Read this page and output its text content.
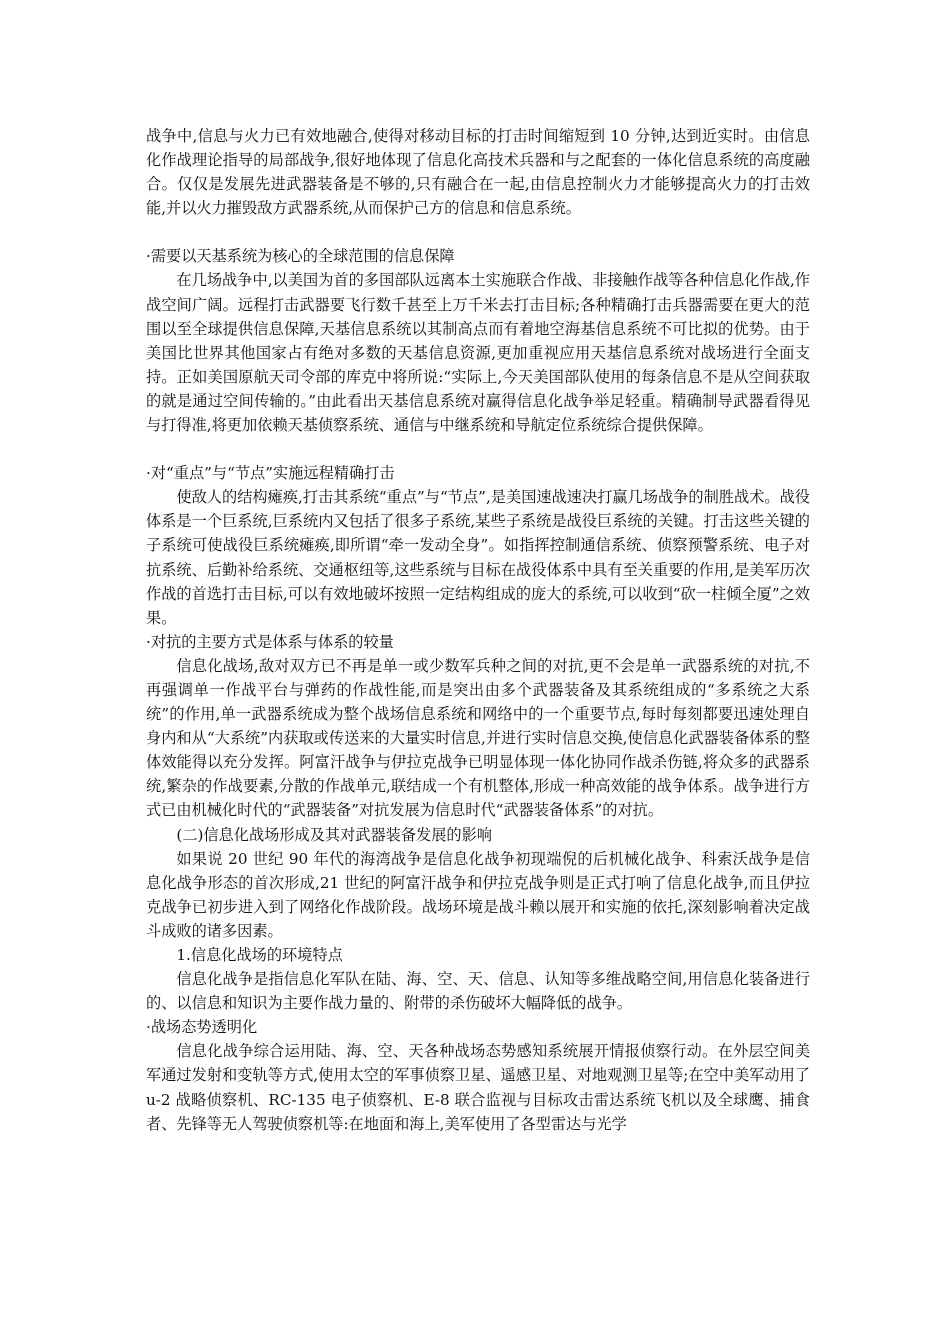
战争中,信息与火力已有效地融合,使得对移动目标的打击时间缩短到 10 分钟,达到近实时。由信息化作战理论指导的局部战争,很好地体现了信息化高技术兵器和与之配套的一体化信息系统的高度融合。仅仅是发展先进武器装备是不够的,只有融合在一起,由信息控制火力才能够提高火力的打击效能,并以火力摧毁敌方武器系统,从而保护己方的信息和信息系统。

·需要以天基系统为核心的全球范围的信息保障

在几场战争中,以美国为首的多国部队远离本土实施联合作战、非接触作战等各种信息化作战,作战空间广阔。远程打击武器要飞行数千甚至上万千米去打击目标;各种精确打击兵器需要在更大的范围以至全球提供信息保障,天基信息系统以其制高点而有着地空海基信息系统不可比拟的优势。由于美国比世界其他国家占有绝对多数的天基信息资源,更加重视应用天基信息系统对战场进行全面支持。正如美国原航天司令部的库克中将所说:“实际上,今天美国部队使用的每条信息不是从空间获取的就是通过空间传输的。”由此看出天基信息系统对赢得信息化战争举足轻重。精确制导武器看得见与打得准,将更加依赖天基侦察系统、通信与中继系统和导航定位系统综合提供保障。

·对“重点”与“节点”实施远程精确打击

使敌人的结构瘫痪,打击其系统“重点”与“节点”,是美国速战速决打赢几场战争的制胜战术。战役体系是一个巨系统,巨系统内又包括了很多子系统,某些子系统是战役巨系统的关键。打击这些关键的子系统可使战役巨系统瘫痪,即所谓“牵一发动全身”。如指挥控制通信系统、侦察预警系统、电子对抗系统、后勤补给系统、交通枢纽等,这些系统与目标在战役体系中具有至关重要的作用,是美军历次作战的首选打击目标,可以有效地破坏按照一定结构组成的庞大的系统,可以收到“砍一柱倾全厦”之效果。

·对抗的主要方式是体系与体系的较量

信息化战场,敌对双方已不再是单一或少数军兵种之间的对抗,更不会是单一武器系统的对抗,不再强调单一作战平台与弹药的作战性能,而是突出由多个武器装备及其系统组成的“多系统之大系统”的作用,单一武器系统成为整个战场信息系统和网络中的一个重要节点,每时每刻都要迅速处理自身内和从“大系统”内获取或传送来的大量实时信息,并进行实时信息交换,使信息化武器装备体系的整体效能得以充分发挥。阿富汗战争与伊拉克战争已明显体现一体化协同作战杀伤链,将众多的武器系统,繁杂的作战要素,分散的作战单元,联结成一个有机整体,形成一种高效能的战争体系。战争进行方式已由机械化时代的“武器装备”对抗发展为信息时代“武器装备体系”的对抗。

(二)信息化战场形成及其对武器装备发展的影响

如果说 20 世纪 90 年代的海湾战争是信息化战争初现端倪的后机械化战争、科索沃战争是信息化战争形态的首次形成,21 世纪的阿富汗战争和伊拉克战争则是正式打响了信息化战争,而且伊拉克战争已初步进入到了网络化作战阶段。战场环境是战斗赖以展开和实施的依托,深刻影响着决定战斗成败的诸多因素。

1.信息化战场的环境特点

信息化战争是指信息化军队在陆、海、空、天、信息、认知等多维战略空间,用信息化装备进行的、以信息和知识为主要作战力量的、附带的杀伤破坏大幅降低的战争。

·战场态势透明化

信息化战争综合运用陆、海、空、天各种战场态势感知系统展开情报侦察行动。在外层空间美军通过发射和变轨等方式,使用太空的军事侦察卫星、遥感卫星、对地观测卫星等;在空中美军动用了 u-2 战略侦察机、RC-135 电子侦察机、E-8 联合监视与目标攻击雷达系统飞机以及全球鹰、捕食者、先锋等无人驾驶侦察机等:在地面和海上,美军使用了各型雷达与光学
